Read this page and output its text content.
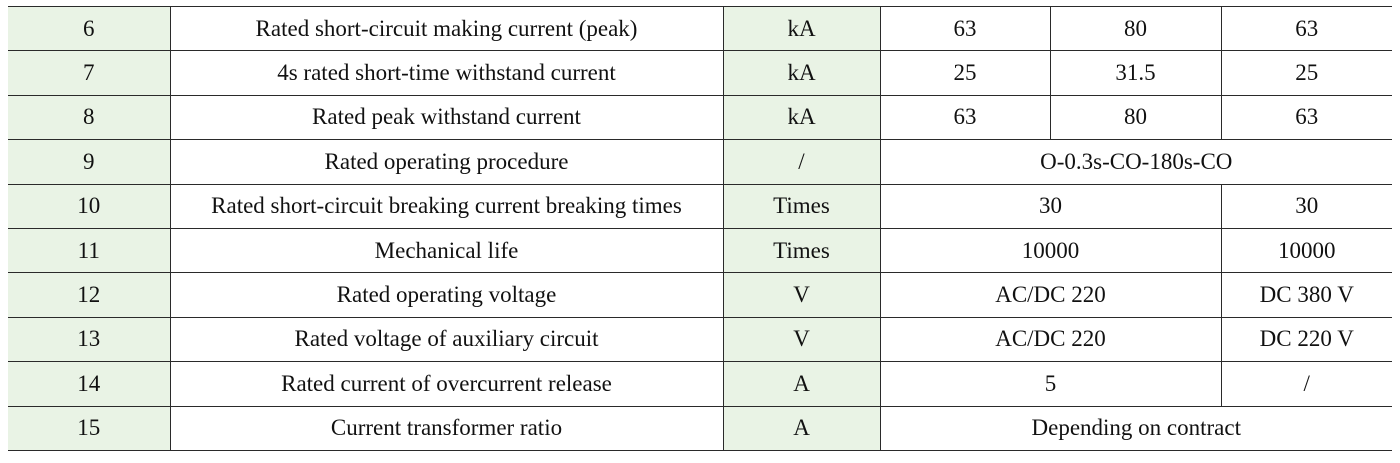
6	Rated short-circuit making current (peak)	kA	63	80	63
7	4s rated short-time withstand current	kA	25	31.5	25
8	Rated peak withstand current	kA	63	80	63
9	Rated operating procedure	/	O-0.3s-CO-180s-CO		
10	Rated short-circuit breaking current breaking times	Times	30		30
11	Mechanical life	Times	10000		10000
12	Rated operating voltage	V	AC/DC 220		DC 380 V
13	Rated voltage of auxiliary circuit	V	AC/DC 220		DC 220 V
14	Rated current of overcurrent release	A	5		/
15	Current transformer ratio	A	Depending on contract		
